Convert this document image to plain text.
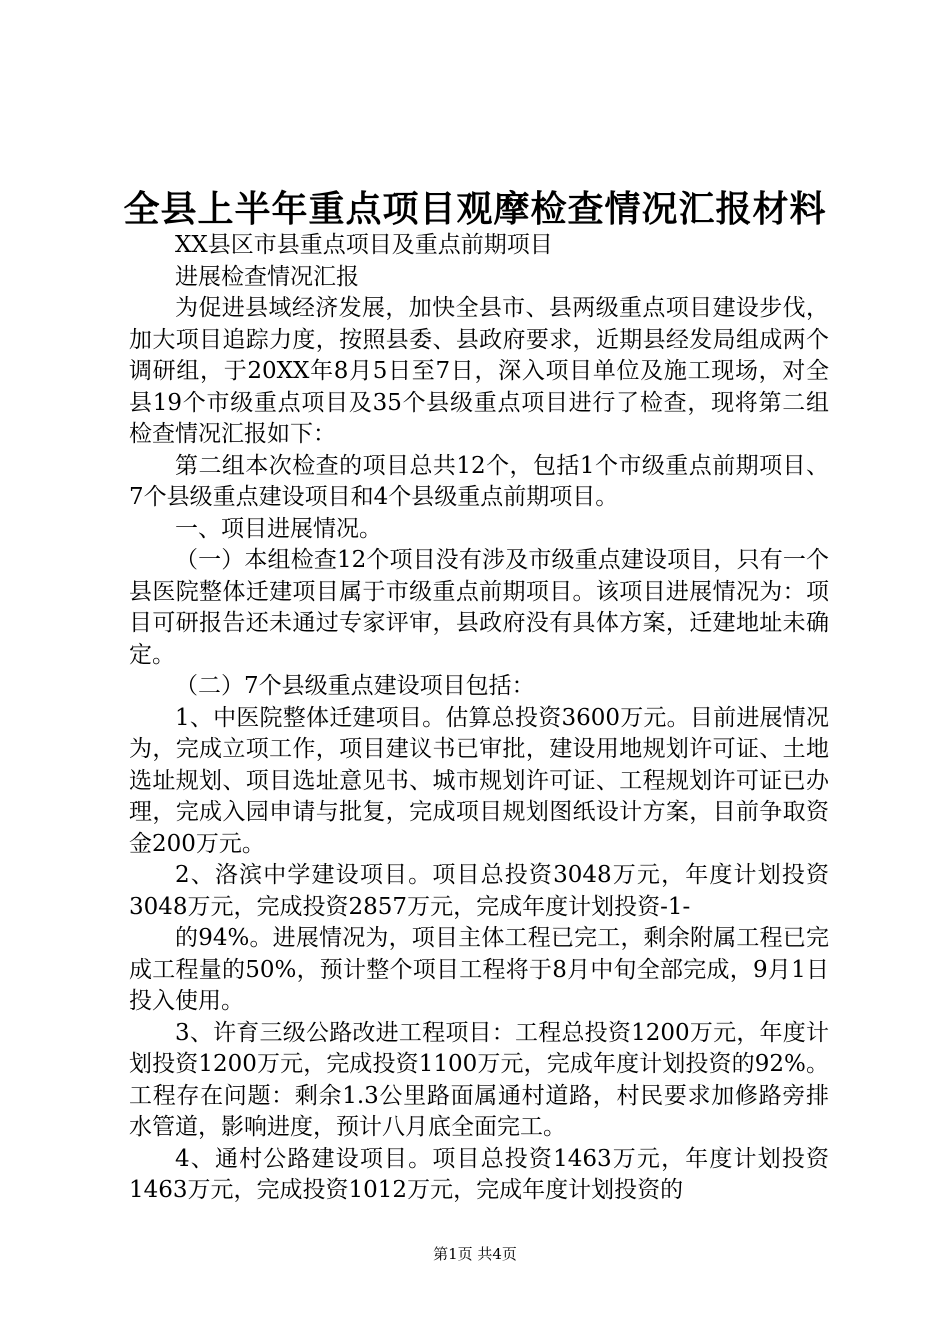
全县上半年重点项目观摩检查情况汇报材料

XX县区市县重点项目及重点前期项目

进展检查情况汇报

为促进县域经济发展，加快全县市、县两级重点项目建设步伐，加大项目追踪力度，按照县委、县政府要求，近期县经发局组成两个调研组，于20XX年8月5日至7日，深入项目单位及施工现场，对全县19个市级重点项目及35个县级重点项目进行了检查，现将第二组检查情况汇报如下：

第二组本次检查的项目总共12个，包括1个市级重点前期项目、7个县级重点建设项目和4个县级重点前期项目。

一、项目进展情况。

（一）本组检查12个项目没有涉及市级重点建设项目，只有一个县医院整体迁建项目属于市级重点前期项目。该项目进展情况为：项目可研报告还未通过专家评审，县政府没有具体方案，迁建地址未确定。

（二）7个县级重点建设项目包括：

1、中医院整体迁建项目。估算总投资3600万元。目前进展情况为，完成立项工作，项目建议书已审批，建设用地规划许可证、土地选址规划、项目选址意见书、城市规划许可证、工程规划许可证已办理，完成入园申请与批复，完成项目规划图纸设计方案，目前争取资金200万元。

2、洛滨中学建设项目。项目总投资3048万元，年度计划投资3048万元，完成投资2857万元，完成年度计划投资-1-

的94%。进展情况为，项目主体工程已完工，剩余附属工程已完成工程量的50%，预计整个项目工程将于8月中旬全部完成，9月1日投入使用。

3、许育三级公路改进工程项目：工程总投资1200万元，年度计划投资1200万元，完成投资1100万元，完成年度计划投资的92%。工程存在问题：剩余1.3公里路面属通村道路，村民要求加修路旁排水管道，影响进度，预计八月底全面完工。

4、通村公路建设项目。项目总投资1463万元，年度计划投资1463万元，完成投资1012万元，完成年度计划投资的

第1页 共4页
